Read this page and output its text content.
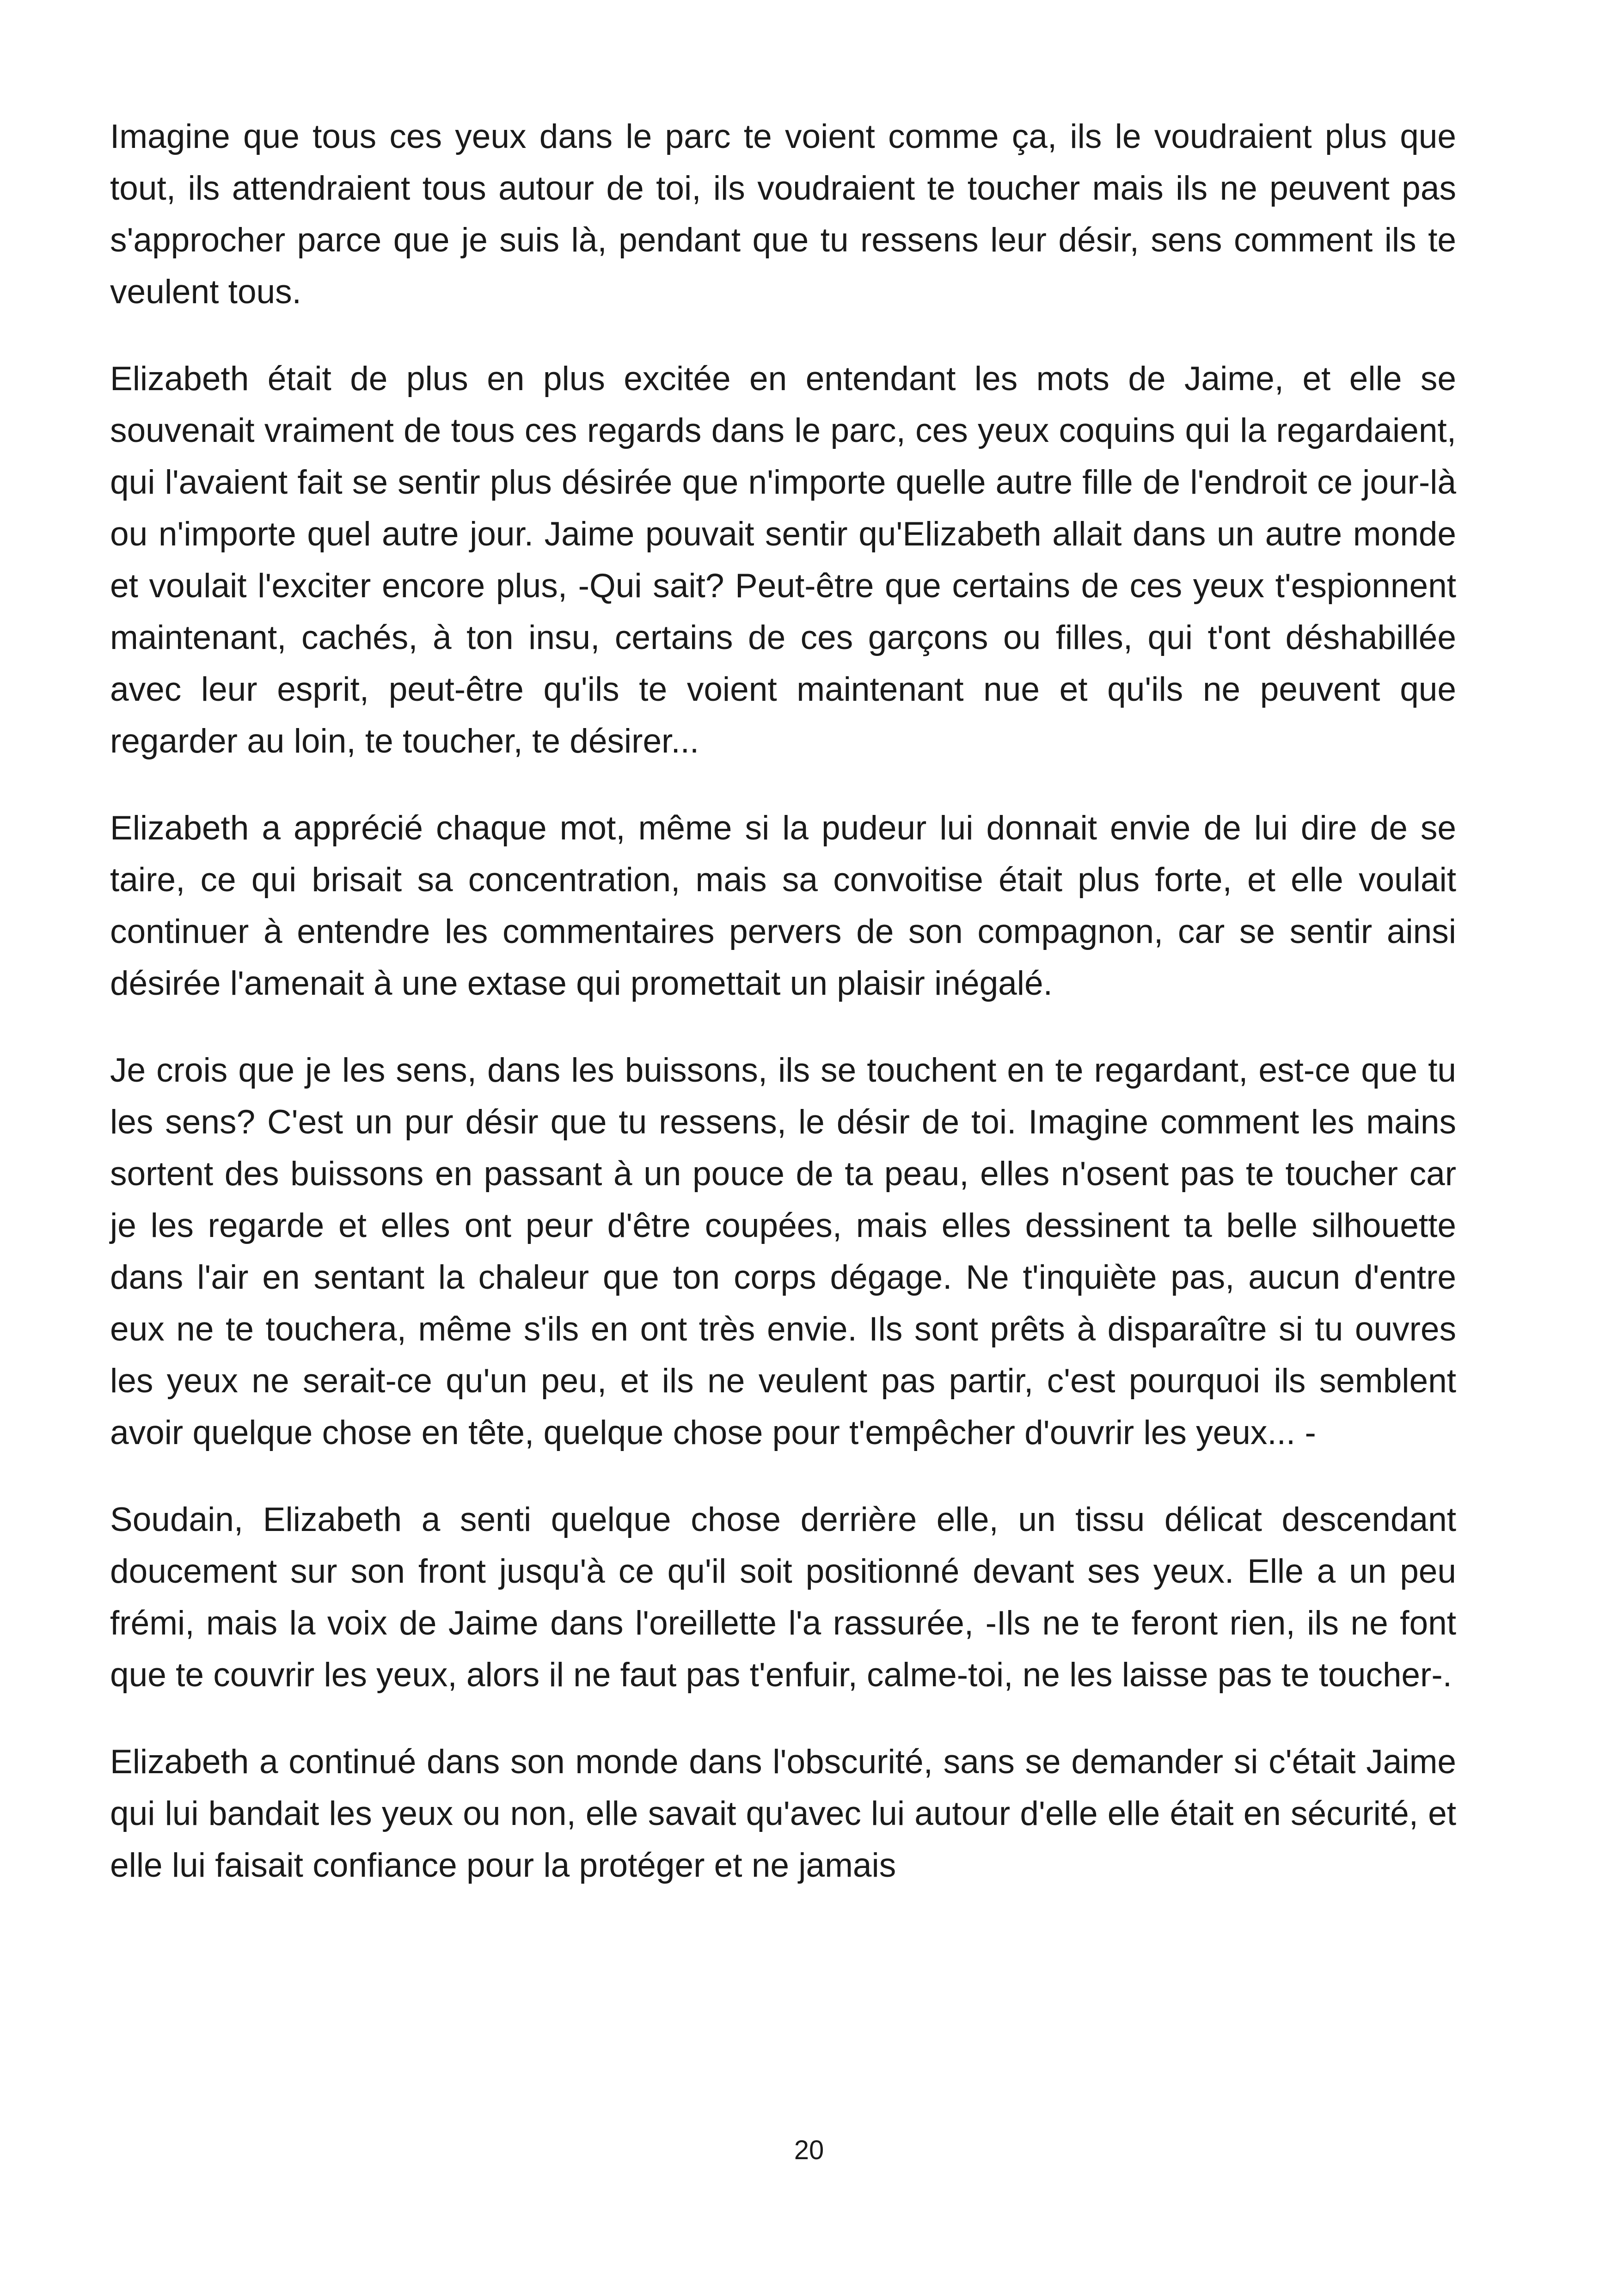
Imagine que tous ces yeux dans le parc te voient comme ça, ils le voudraient plus que tout, ils attendraient tous autour de toi, ils voudraient te toucher mais ils ne peuvent pas s'approcher parce que je suis là, pendant que tu ressens leur désir, sens comment ils te veulent tous.

Elizabeth était de plus en plus excitée en entendant les mots de Jaime, et elle se souvenait vraiment de tous ces regards dans le parc, ces yeux coquins qui la regardaient, qui l'avaient fait se sentir plus désirée que n'importe quelle autre fille de l'endroit ce jour-là ou n'importe quel autre jour. Jaime pouvait sentir qu'Elizabeth allait dans un autre monde et voulait l'exciter encore plus, -Qui sait? Peut-être que certains de ces yeux t'espionnent maintenant, cachés, à ton insu, certains de ces garçons ou filles, qui t'ont déshabillée avec leur esprit, peut-être qu'ils te voient maintenant nue et qu'ils ne peuvent que regarder au loin, te toucher, te désirer...

Elizabeth a apprécié chaque mot, même si la pudeur lui donnait envie de lui dire de se taire, ce qui brisait sa concentration, mais sa convoitise était plus forte, et elle voulait continuer à entendre les commentaires pervers de son compagnon, car se sentir ainsi désirée l'amenait à une extase qui promettait un plaisir inégalé.

Je crois que je les sens, dans les buissons, ils se touchent en te regardant, est-ce que tu les sens? C'est un pur désir que tu ressens, le désir de toi. Imagine comment les mains sortent des buissons en passant à un pouce de ta peau, elles n'osent pas te toucher car je les regarde et elles ont peur d'être coupées, mais elles dessinent ta belle silhouette dans l'air en sentant la chaleur que ton corps dégage. Ne t'inquiète pas, aucun d'entre eux ne te touchera, même s'ils en ont très envie. Ils sont prêts à disparaître si tu ouvres les yeux ne serait-ce qu'un peu, et ils ne veulent pas partir, c'est pourquoi ils semblent avoir quelque chose en tête, quelque chose pour t'empêcher d'ouvrir les yeux... -

Soudain, Elizabeth a senti quelque chose derrière elle, un tissu délicat descendant doucement sur son front jusqu'à ce qu'il soit positionné devant ses yeux. Elle a un peu frémi, mais la voix de Jaime dans l'oreillette l'a rassurée, -Ils ne te feront rien, ils ne font que te couvrir les yeux, alors il ne faut pas t'enfuir, calme-toi, ne les laisse pas te toucher-.

Elizabeth a continué dans son monde dans l'obscurité, sans se demander si c'était Jaime qui lui bandait les yeux ou non, elle savait qu'avec lui autour d'elle elle était en sécurité, et elle lui faisait confiance pour la protéger et ne jamais

20
